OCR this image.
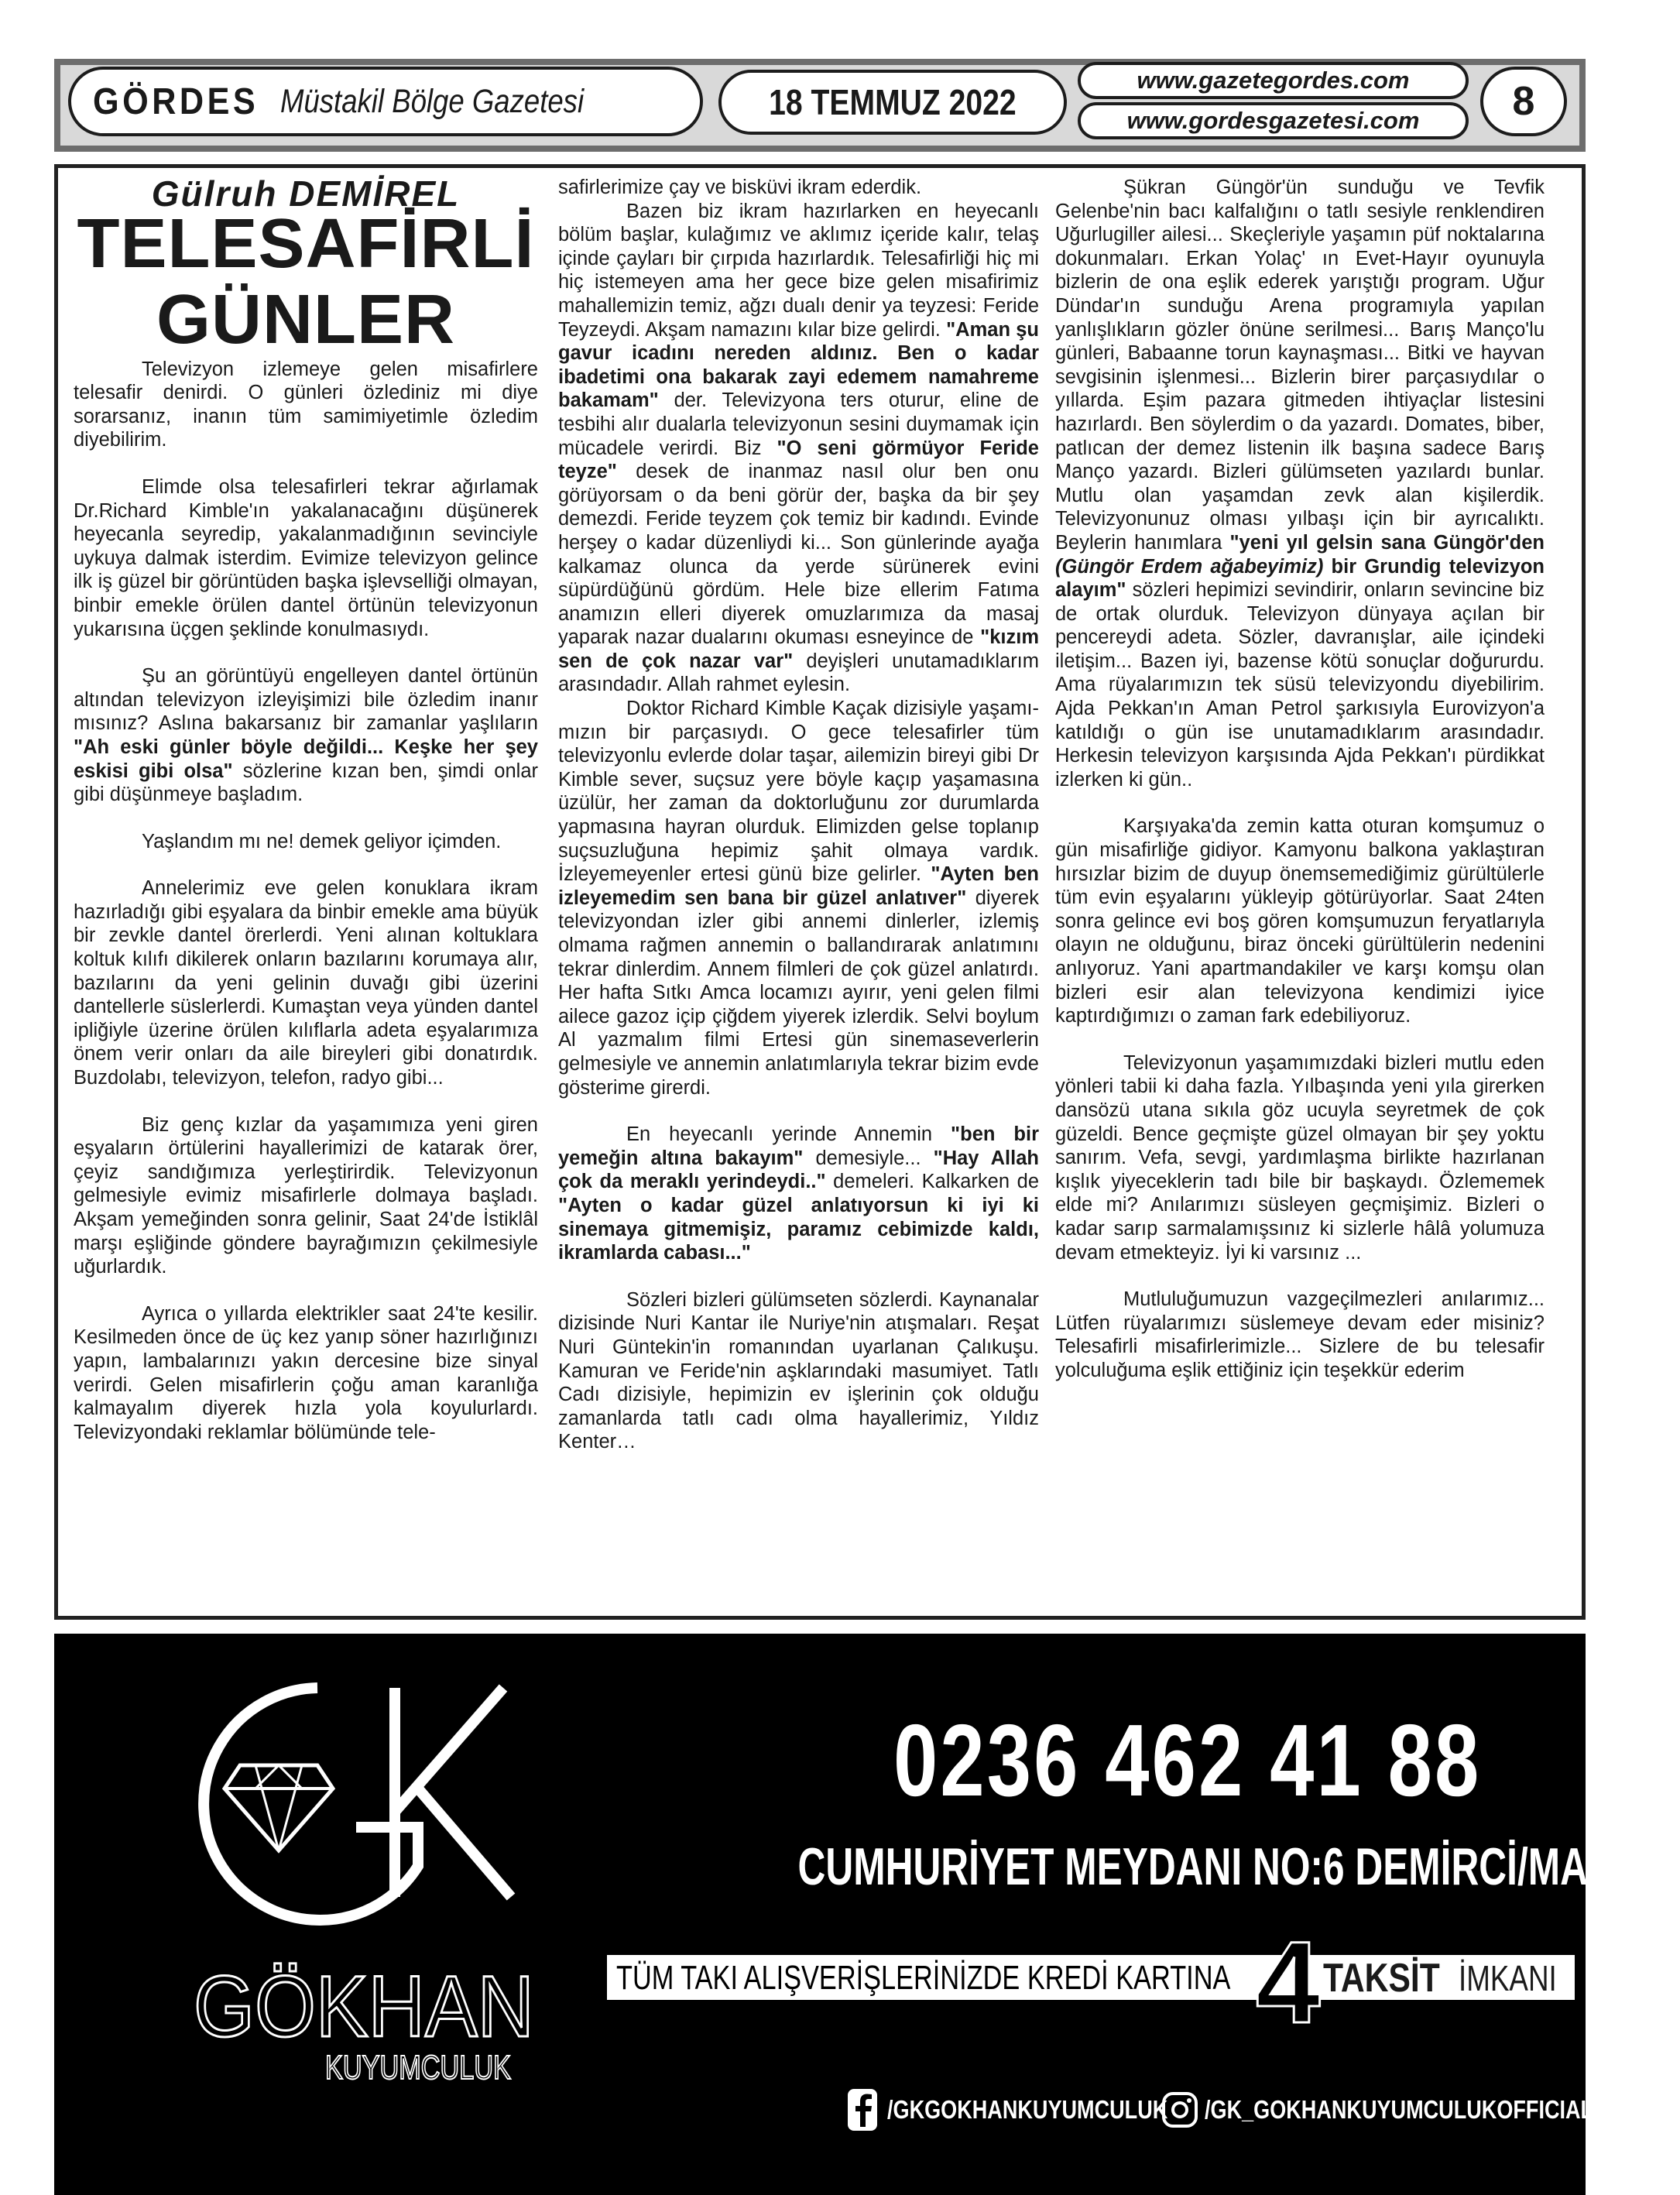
GÖRDES Müstakil Bölge Gazetesi	18 TEMMUZ 2022
www.gazetegordes.com
www.gordesgazetesi.com 8

Gülruh DEMİREL

TELESAFİRLİ
GÜNLER

Televizyon izlemeye gelen misafirlere telesafir denirdi. O günleri özlediniz mi diye sorarsanız, inanın tüm samimiyetimle özledim diyebilirim.

Elimde olsa telesafirleri tekrar ağırlamak Dr.Richard Kimble'ın yakalanacağını düşünerek heyecanla seyredip, yakalanmadığının sevinciyle uykuya dalmak isterdim. Evimize televizyon gelince ilk iş güzel bir görüntüden başka işlevselliği olmayan, binbir emekle örülen dantel örtünün televizyonun yukarısına üçgen şeklinde konulmasıydı.

Şu an görüntüyü engelleyen dantel örtünün altından televizyon izleyişimizi bile özledim inanır mısınız? Aslına bakarsanız bir zamanlar yaşlıların "Ah eski günler böyle değildi... Keşke her şey eskisi gibi olsa" sözlerine kızan ben, şimdi onlar gibi düşünmeye başladım.

Yaşlandım mı ne! demek geliyor içimden.

Annelerimiz eve gelen konuklara ikram hazırladığı gibi eşyalara da binbir emekle ama büyük bir zevkle dantel örerlerdi. Yeni alınan koltuklara koltuk kılıfı dikilerek onların bazılarını korumaya alır, bazılarını da yeni gelinin duvağı gibi üzerini dantellerle süslerlerdi. Kumaştan veya yünden dantel ipliğiyle üzerine örülen kılıflarla adeta eşyalarımıza önem verir onları da aile bireyleri gibi donatırdık. Buzdolabı, televizyon, telefon, radyo gibi...

Biz genç kızlar da yaşamımıza yeni giren eşyaların örtülerini hayallerimizi de katarak örer, çeyiz sandığımıza yerleştirirdik. Televizyonun gelmesiyle evimiz misafirlerle dolmaya başladı. Akşam yemeğinden sonra gelinir, Saat 24'de İstiklâl marşı eşliğinde göndere bayrağımızın çekilmesiyle uğurlardık.

Ayrıca o yıllarda elektrikler saat 24'te kesilir. Kesilmeden önce de üç kez yanıp söner hazırlığınızı yapın, lambalarınızı yakın dercesine bize sinyal verirdi. Gelen misafirlerin çoğu aman karanlığa kalmayalım diyerek hızla yola koyulurlardı. Televizyondaki reklamlar bölümünde tele-

safirlerimize çay ve bisküvi ikram ederdik.

Bazen biz ikram hazırlarken en heyecanlı bölüm başlar, kulağımız ve aklımız içeride kalır, telaş içinde çayları bir çırpıda hazırlardık. Telesafirliği hiç mi hiç istemeyen ama her gece bize gelen misafirimiz mahallemizin temiz, ağzı dualı denir ya teyzesi: Feride Teyzeydi. Akşam namazını kılar bize gelirdi. "Aman şu gavur icadını nereden aldınız. Ben o kadar ibadetimi ona bakarak zayi edemem namahreme bakamam" der. Televizyona ters oturur, eline de tesbihi alır dualarla televizyonun sesini duymamak için mücadele verirdi. Biz "O seni görmüyor Feride teyze" desek de inanmaz nasıl olur ben onu görüyorsam o da beni görür der, başka da bir şey demezdi. Feride teyzem çok temiz bir kadındı. Evinde herşey o kadar düzenliydi ki... Son günlerinde ayağa kalkamaz olunca da yerde sürünerek evini süpürdüğünü gördüm. Hele bize ellerim Fatıma anamızın elleri diyerek omuzlarımıza da masaj yaparak nazar dualarını okuması esneyince de "kızım sen de çok nazar var" deyişleri unutamadıklarım arasındadır. Allah rahmet eylesin.

Doktor Richard Kimble Kaçak dizisiyle yaşamı-mızın bir parçasıydı. O gece telesafirler tüm televizyonlu evlerde dolar taşar, ailemizin bireyi gibi Dr Kimble sever, suçsuz yere böyle kaçıp yaşamasına üzülür, her zaman da doktorluğunu zor durumlarda yapmasına hayran olurduk. Elimizden gelse toplanıp suçsuzluğuna hepimiz şahit olmaya vardık. İzleyemeyenler ertesi günü bize gelirler. "Ayten ben izleyemedim sen bana bir güzel anlatıver" diyerek televizyondan izler gibi annemi dinlerler, izlemiş olmama rağmen annemin o ballandırarak anlatımını tekrar dinlerdim. Annem filmleri de çok güzel anlatırdı. Her hafta Sıtkı Amca locamızı ayırır, yeni gelen filmi ailece gazoz içip çiğdem yiyerek izlerdik. Selvi boylum Al yazmalım filmi Ertesi gün sinemaseverlerin gelmesiyle ve annemin anlatımlarıyla tekrar bizim evde gösterime girerdi.

En heyecanlı yerinde Annemin "ben bir yemeğin altına bakayım" demesiyle... "Hay Allah çok da meraklı yerindeydi.." demeleri. Kalkarken de "Ayten o kadar güzel anlatıyorsun ki iyi ki sinemaya gitmemişiz, paramız cebimizde kaldı, ikramlarda cabası..."

Sözleri bizleri gülümseten sözlerdi. Kaynanalar dizisinde Nuri Kantar ile Nuriye'nin atışmaları. Reşat Nuri Güntekin'in romanından uyarlanan Çalıkuşu. Kamuran ve Feride'nin aşklarındaki masumiyet. Tatlı Cadı dizisiyle, hepimizin ev işlerinin çok olduğu zamanlarda tatlı cadı olma hayallerimiz, Yıldız Kenter…

Şükran Güngör'ün sunduğu ve Tevfik Gelenbe'nin bacı kalfalığını o tatlı sesiyle renklendiren Uğurlugiller ailesi... Skeçleriyle yaşamın püf noktalarına dokunmaları. Erkan Yolaç' ın Evet-Hayır oyunuyla bizlerin de ona eşlik ederek yarıştığı program. Uğur Dündar'ın sunduğu Arena programıyla yapılan yanlışlıkların gözler önüne serilmesi... Barış Manço'lu günleri, Babaanne torun kaynaşması... Bitki ve hayvan sevgisinin işlenmesi... Bizlerin birer parçasıydılar o yıllarda. Eşim pazara gitmeden ihtiyaçlar listesini hazırlardı. Ben söylerdim o da yazardı. Domates, biber, patlıcan der demez listenin ilk başına sadece Barış Manço yazardı. Bizleri gülümseten yazılardı bunlar. Mutlu olan yaşamdan zevk alan kişilerdik. Televizyonunuz olması yılbaşı için bir ayrıcalıktı. Beylerin hanımlara "yeni yıl gelsin sana Güngör'den (Güngör Erdem ağabeyimiz) bir Grundig televizyon alayım" sözleri hepimizi sevindirir, onların sevincine biz de ortak olurduk. Televizyon dünyaya açılan bir pencereydi adeta. Sözler, davranışlar, aile içindeki iletişim... Bazen iyi, bazense kötü sonuçlar doğururdu. Ama rüyalarımızın tek süsü televizyondu diyebilirim. Ajda Pekkan'ın Aman Petrol şarkısıyla Eurovizyon'a katıldığı o gün ise unutamadıklarım arasındadır. Herkesin televizyon karşısında Ajda Pekkan'ı pürdikkat izlerken ki gün..

Karşıyaka'da zemin katta oturan komşumuz o gün misafirliğe gidiyor. Kamyonu balkona yaklaştıran hırsızlar bizim de duyup önemsemediğimiz gürültülerle tüm evin eşyalarını yükleyip götürüyorlar. Saat 24ten sonra gelince evi boş gören komşumuzun feryatlarıyla olayın ne olduğunu, biraz önceki gürültülerin nedenini anlıyoruz. Yani apartmandakiler ve karşı komşu olan bizleri esir alan televizyona kendimizi iyice kaptırdığımızı o zaman fark edebiliyoruz.

Televizyonun yaşamımızdaki bizleri mutlu eden yönleri tabii ki daha fazla. Yılbaşında yeni yıla girerken dansözü utana sıkıla göz ucuyla seyretmek de çok güzeldi. Bence geçmişte güzel olmayan bir şey yoktu sanırım. Vefa, sevgi, yardımlaşma birlikte hazırlanan kışlık yiyeceklerin tadı bile bir başkaydı. Özlememek elde mi? Anılarımızı süsleyen geçmişimiz. Bizleri o kadar sarıp sarmalamışsınız ki sizlerle hâlâ yolumuza devam etmekteyiz. İyi ki varsınız ...

Mutluluğumuzun vazgeçilmezleri anılarımız... Lütfen rüyalarımızı süslemeye devam eder misiniz? Telesafirli misafirlerimizle... Sizlere de bu telesafir yolculuğuma eşlik ettiğiniz için teşekkür ederim

GÖKHAN
KUYUMCULUK
0236 462 41 88
CUMHURİYET MEYDANI NO:6 DEMİRCİ/MANİSA
TÜM TAKI ALIŞVERİŞLERİNİZDE KREDİ KARTINA 4 TAKSİT İMKANI
/GKGOKHANKUYUMCULUK /GK_GOKHANKUYUMCULUKOFFICIAL
